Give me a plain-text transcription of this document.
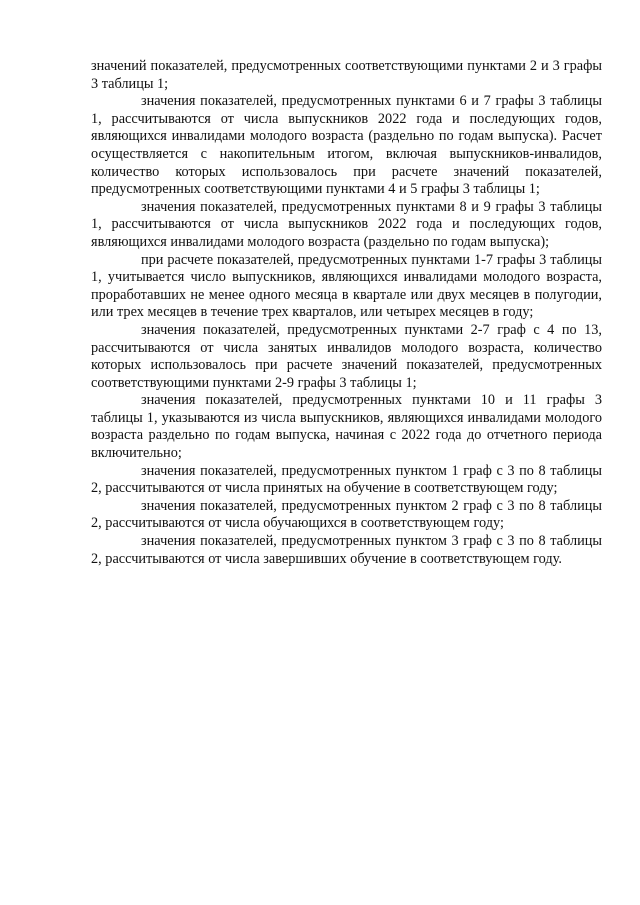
значений показателей, предусмотренных соответствующими пунктами 2 и 3 графы 3 таблицы 1;

значения показателей, предусмотренных пунктами 6 и 7 графы 3 таблицы 1, рассчитываются от числа выпускников 2022 года и последующих годов, являющихся инвалидами молодого возраста (раздельно по годам выпуска). Расчет осуществляется с накопительным итогом, включая выпускников-инвалидов, количество которых использовалось при расчете значений показателей, предусмотренных соответствующими пунктами 4 и 5 графы 3 таблицы 1;

значения показателей, предусмотренных пунктами 8 и 9 графы 3 таблицы 1, рассчитываются от числа выпускников 2022 года и последующих годов, являющихся инвалидами молодого возраста (раздельно по годам выпуска);

при расчете показателей, предусмотренных пунктами 1-7 графы 3 таблицы 1, учитывается число выпускников, являющихся инвалидами молодого возраста, проработавших не менее одного месяца в квартале или двух месяцев в полугодии, или трех месяцев в течение трех кварталов, или четырех месяцев в году;

значения показателей, предусмотренных пунктами 2-7 граф с 4 по 13, рассчитываются от числа занятых инвалидов молодого возраста, количество которых использовалось при расчете значений показателей, предусмотренных соответствующими пунктами 2-9 графы 3 таблицы 1;

значения показателей, предусмотренных пунктами 10 и 11 графы 3 таблицы 1, указываются из числа выпускников, являющихся инвалидами молодого возраста раздельно по годам выпуска, начиная с 2022 года до отчетного периода включительно;

значения показателей, предусмотренных пунктом 1 граф с 3 по 8 таблицы 2, рассчитываются от числа принятых на обучение в соответствующем году;

значения показателей, предусмотренных пунктом 2 граф с 3 по 8 таблицы 2, рассчитываются от числа обучающихся в соответствующем году;

значения показателей, предусмотренных пунктом 3 граф с 3 по 8 таблицы 2, рассчитываются от числа завершивших обучение в соответствующем году.
